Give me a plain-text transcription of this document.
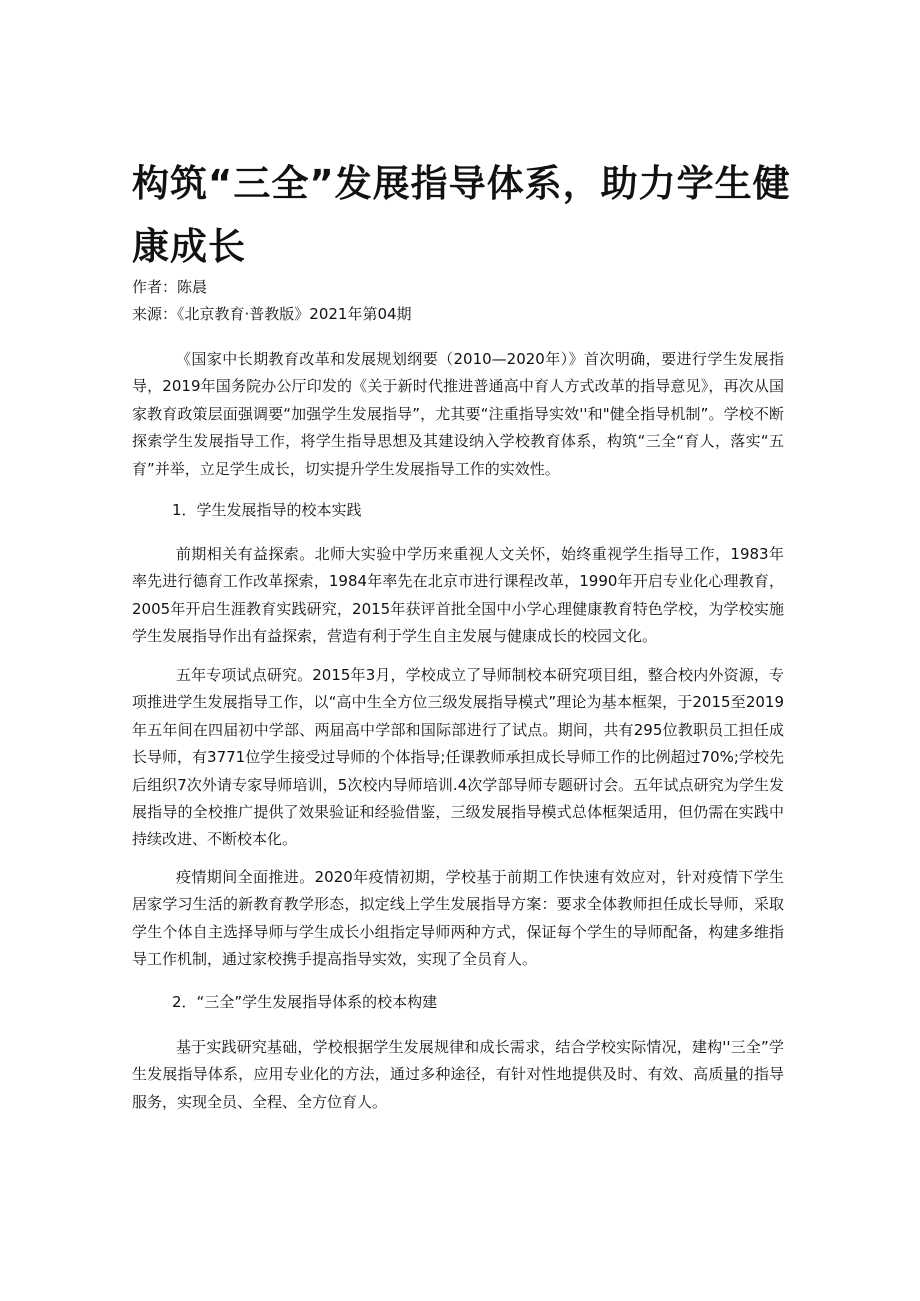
构筑“三全”发展指导体系，助力学生健康成长
作者：陈晨
来源：《北京教育·普教版》2021年第04期

《国家中长期教育改革和发展规划纲要（2010—2020年）》首次明确，要进行学生发展指导，2019年国务院办公厅印发的《关于新时代推进普通高中育人方式改革的指导意见》，再次从国家教育政策层面强调要“加强学生发展指导”，尤其要“注重指导实效''和"健全指导机制”。学校不断探索学生发展指导工作，将学生指导思想及其建设纳入学校教育体系，构筑“三全“育人，落实“五育”并举，立足学生成长，切实提升学生发展指导工作的实效性。

1．学生发展指导的校本实践

前期相关有益探索。北师大实验中学历来重视人文关怀，始终重视学生指导工作，1983年率先进行德育工作改革探索，1984年率先在北京市进行课程改革，1990年开启专业化心理教育，2005年开启生涯教育实践研究，2015年获评首批全国中小学心理健康教育特色学校，为学校实施学生发展指导作出有益探索，营造有利于学生自主发展与健康成长的校园文化。

五年专项试点研究。2015年3月，学校成立了导师制校本研究项目组，整合校内外资源，专项推进学生发展指导工作，以“高中生全方位三级发展指导模式”理论为基本框架，于2015至2019年五年间在四届初中学部、两届高中学部和国际部进行了试点。期间，共有295位教职员工担任成长导师，有3771位学生接受过导师的个体指导;任课教师承担成长导师工作的比例超过70%;学校先后组织7次外请专家导师培训，5次校内导师培训.4次学部导师专题研讨会。五年试点研究为学生发展指导的全校推广提供了效果验证和经验借鉴，三级发展指导模式总体框架适用，但仍需在实践中持续改进、不断校本化。

疫情期间全面推进。2020年疫情初期，学校基于前期工作快速有效应对，针对疫情下学生居家学习生活的新教育教学形态，拟定线上学生发展指导方案：要求全体教师担任成长导师，采取学生个体自主选择导师与学生成长小组指定导师两种方式，保证每个学生的导师配备，构建多维指导工作机制，通过家校携手提高指导实效，实现了全员育人。

2．“三全”学生发展指导体系的校本构建

基于实践研究基础，学校根据学生发展规律和成长需求，结合学校实际情况，建构''三全”学生发展指导体系，应用专业化的方法，通过多种途径，有针对性地提供及时、有效、高质量的指导服务，实现全员、全程、全方位育人。
